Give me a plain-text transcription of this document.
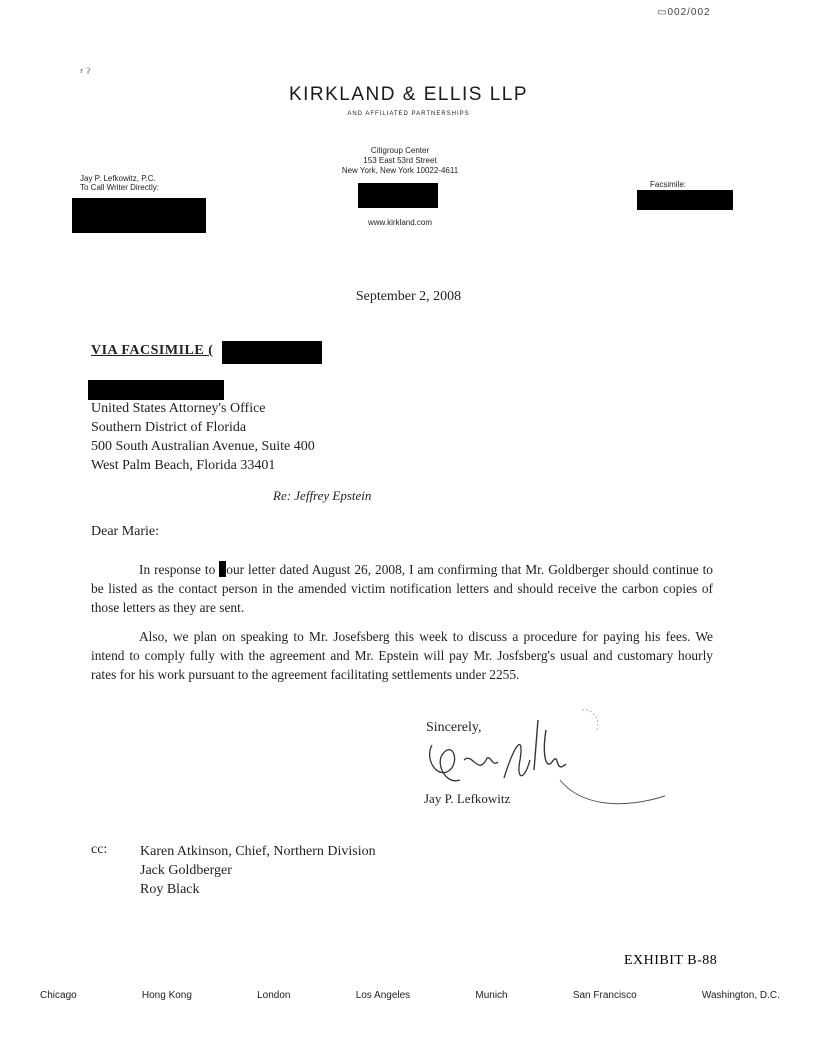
▭002/002
ʳ ˀ
KIRKLAND & ELLIS LLP
AND AFFILIATED PARTNERSHIPS
Citigroup Center
153 East 53rd Street
New York, New York 10022-4611
www.kirkland.com
Jay P. Lefkowitz, P.C.
To Call Writer Directly:	Facsimile:
September 2, 2008
VIA FACSIMILE (
United States Attorney's Office
Southern District of Florida
500 South Australian Avenue, Suite 400
West Palm Beach, Florida 33401
Re: Jeffrey Epstein
Dear Marie:
In response to our letter dated August 26, 2008, I am confirming that Mr. Goldberger should continue to be listed as the contact person in the amended victim notification letters and should receive the carbon copies of those letters as they are sent.
Also, we plan on speaking to Mr. Josefsberg this week to discuss a procedure for paying his fees. We intend to comply fully with the agreement and Mr. Epstein will pay Mr. Josfsberg's usual and customary hourly rates for his work pursuant to the agreement facilitating settlements under 2255.
Sincerely,
Jay P. Lefkowitz
cc: Karen Atkinson, Chief, Northern Division
Jack Goldberger
Roy Black
EXHIBIT B-88
Chicago	Hong Kong	London	Los Angeles	Munich	San Francisco	Washington, D.C.
